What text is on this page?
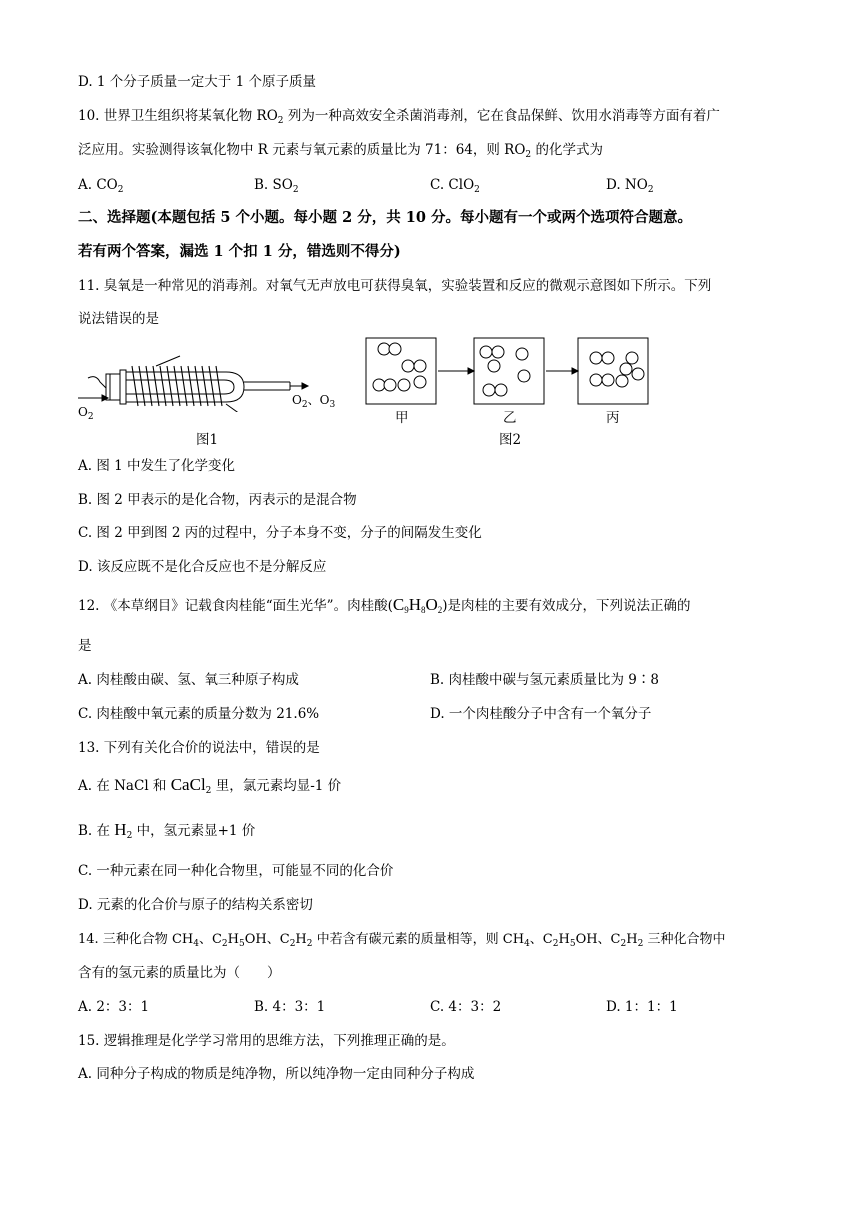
D. 1 个分子质量一定大于 1 个原子质量
10. 世界卫生组织将某氧化物 $RO_2$ 列为一种高效安全杀菌消毒剂，它在食品保鲜、饮用水消毒等方面有着广
泛应用。实验测得该氧化物中 R 元素与氧元素的质量比为 71：64，则 $RO_2$ 的化学式为
A. $CO_2$	B. $SO_2$	C. ClO$_2$	D. $NO_2$
二、选择题(本题包括 5 个小题。每小题 2 分，共 10 分。每小题有一个或两个选项符合题意。
若有两个答案，漏选 1 个扣 1 分，错选则不得分)
11. 臭氧是一种常见的消毒剂。对氧气无声放电可获得臭氧，实验装置和反应的微观示意图如下所示。下列
说法错误的是
$O_2$
$O_2$、$O_3$
图1
甲	乙	丙
图2
A. 图 1 中发生了化学变化
B. 图 2 甲表示的是化合物，丙表示的是混合物
C. 图 2 甲到图 2 丙的过程中，分子本身不变，分子的间隔发生变化
D. 该反应既不是化合反应也不是分解反应
12. 《本草纲目》记载食肉桂能“面生光华”。肉桂酸$(C_9H_8O_2)$是肉桂的主要有效成分，下列说法正确的
是
A. 肉桂酸由碳、氢、氧三种原子构成	B. 肉桂酸中碳与氢元素质量比为 9∶8
C. 肉桂酸中氧元素的质量分数为 21.6%	D. 一个肉桂酸分子中含有一个氧分子
13. 下列有关化合价的说法中，错误的是
A. 在 NaCl 和 CaCl$_2$ 里，氯元素均显-1 价
B. 在 $H_2$ 中，氢元素显+1 价
C. 一种元素在同一种化合物里，可能显不同的化合价
D. 元素的化合价与原子的结构关系密切
14. 三种化合物 $CH_4$、$C_2H_5OH$、$C_2H_2$ 中若含有碳元素的质量相等，则 $CH_4$、$C_2H_5OH$、$C_2H_2$ 三种化合物中
含有的氢元素的质量比为（　　）
A. 2：3：1	B. 4：3：1	C. 4：3：2	D. 1：1：1
15. 逻辑推理是化学学习常用的思维方法，下列推理正确的是。
A. 同种分子构成的物质是纯净物，所以纯净物一定由同种分子构成
